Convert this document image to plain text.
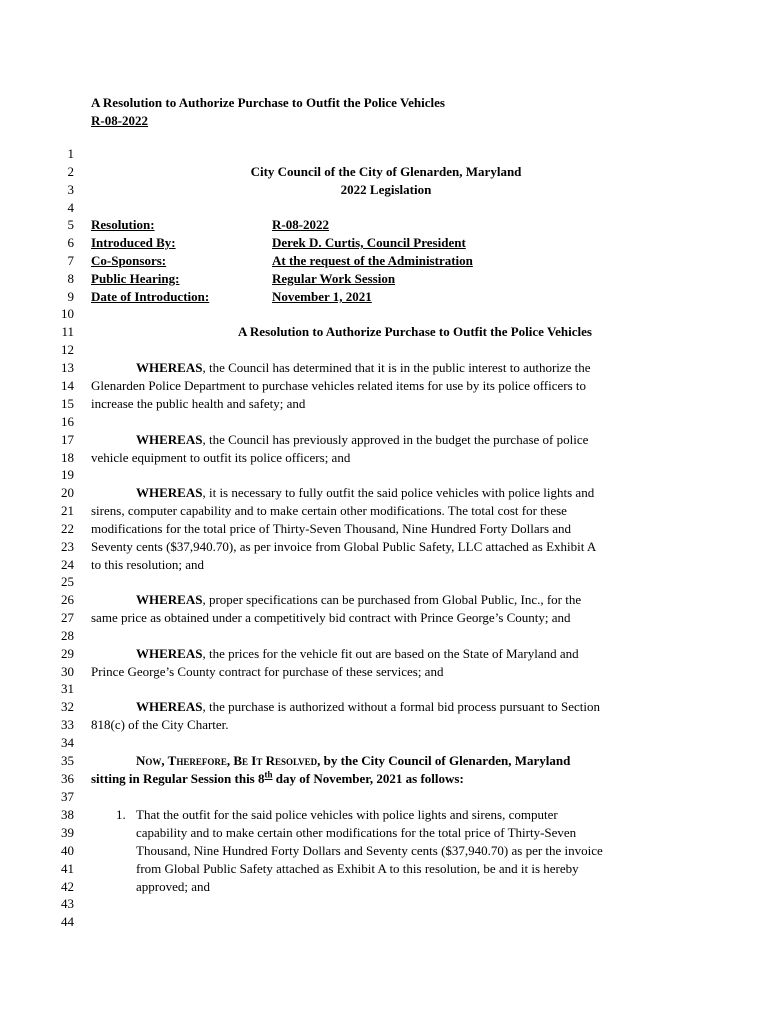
A Resolution to Authorize Purchase to Outfit the Police Vehicles
R-08-2022
1
2
3
4
5
6
7
8
9
10
11
12
13
14
15
16
17
18
19
20
21
22
23
24
25
26
27
28
29
30
31
32
33
34
35
36
37
38
39
40
41
42
43
44
City Council of the City of Glenarden, Maryland
2022 Legislation
Resolution:	R-08-2022
Introduced By:	Derek D. Curtis, Council President
Co-Sponsors:	At the request of the Administration
Public Hearing:	Regular Work Session
Date of Introduction:	November 1, 2021
A Resolution to Authorize Purchase to Outfit the Police Vehicles
WHEREAS, the Council has determined that it is in the public interest to authorize the
Glenarden Police Department to purchase vehicles related items for use by its police officers to
increase the public health and safety; and
WHEREAS, the Council has previously approved in the budget the purchase of police
vehicle equipment to outfit its police officers; and
WHEREAS, it is necessary to fully outfit the said police vehicles with police lights and
sirens, computer capability and to make certain other modifications. The total cost for these
modifications for the total price of Thirty-Seven Thousand, Nine Hundred Forty Dollars and
Seventy cents ($37,940.70), as per invoice from Global Public Safety, LLC attached as Exhibit A
to this resolution; and
WHEREAS, proper specifications can be purchased from Global Public, Inc., for the
same price as obtained under a competitively bid contract with Prince George’s County; and
WHEREAS, the prices for the vehicle fit out are based on the State of Maryland and
Prince George’s County contract for purchase of these services; and
WHEREAS, the purchase is authorized without a formal bid process pursuant to Section
818(c) of the City Charter.
Now, Therefore, Be It Resolved, by the City Council of Glenarden, Maryland
sitting in Regular Session this 8th day of November, 2021 as follows:
1. That the outfit for the said police vehicles with police lights and sirens, computer
capability and to make certain other modifications for the total price of Thirty-Seven
Thousand, Nine Hundred Forty Dollars and Seventy cents ($37,940.70) as per the invoice
from Global Public Safety attached as Exhibit A to this resolution, be and it is hereby
approved; and
